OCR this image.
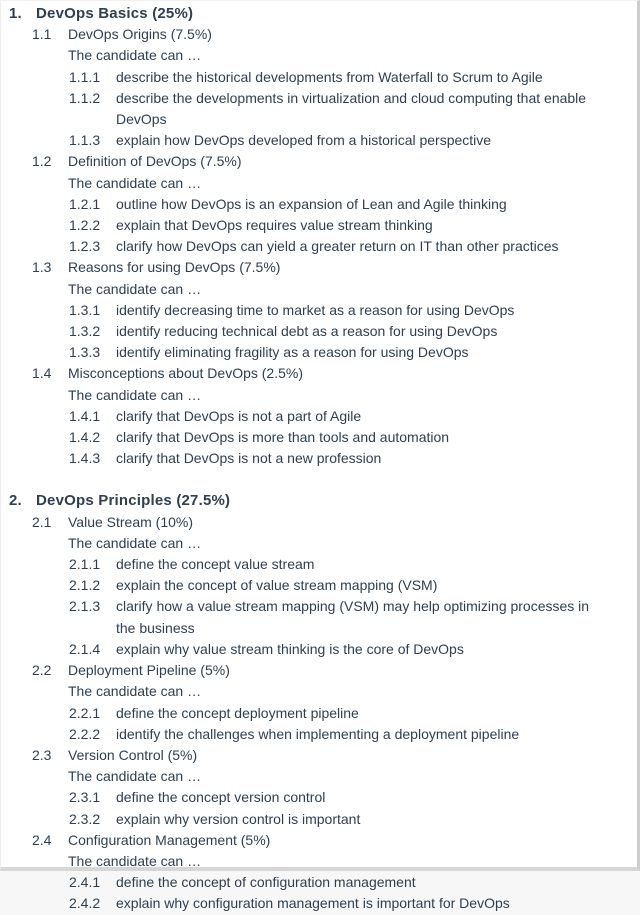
1. DevOps Basics (25%)
1.1	DevOps Origins (7.5%)
The candidate can …
1.1.1	describe the historical developments from Waterfall to Scrum to Agile
1.1.2	describe the developments in virtualization and cloud computing that enable DevOps
1.1.3	explain how DevOps developed from a historical perspective
1.2	Definition of DevOps (7.5%)
The candidate can …
1.2.1	outline how DevOps is an expansion of Lean and Agile thinking
1.2.2	explain that DevOps requires value stream thinking
1.2.3	clarify how DevOps can yield a greater return on IT than other practices
1.3	Reasons for using DevOps (7.5%)
The candidate can …
1.3.1	identify decreasing time to market as a reason for using DevOps
1.3.2	identify reducing technical debt as a reason for using DevOps
1.3.3	identify eliminating fragility as a reason for using DevOps
1.4	Misconceptions about DevOps (2.5%)
The candidate can …
1.4.1	clarify that DevOps is not a part of Agile
1.4.2	clarify that DevOps is more than tools and automation
1.4.3	clarify that DevOps is not a new profession
2. DevOps Principles (27.5%)
2.1	Value Stream (10%)
The candidate can …
2.1.1	define the concept value stream
2.1.2	explain the concept of value stream mapping (VSM)
2.1.3	clarify how a value stream mapping (VSM) may help optimizing processes in the business
2.1.4	explain why value stream thinking is the core of DevOps
2.2	Deployment Pipeline (5%)
The candidate can …
2.2.1	define the concept deployment pipeline
2.2.2	identify the challenges when implementing a deployment pipeline
2.3	Version Control (5%)
The candidate can …
2.3.1	define the concept version control
2.3.2	explain why version control is important
2.4	Configuration Management (5%)
The candidate can …
2.4.1	define the concept of configuration management
2.4.2	explain why configuration management is important for DevOps
